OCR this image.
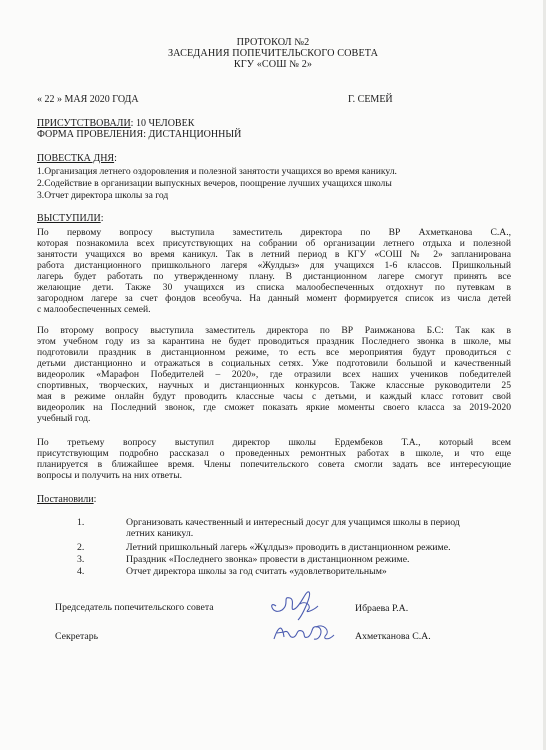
ПРОТОКОЛ №2
ЗАСЕДАНИЯ ПОПЕЧИТЕЛЬСКОГО СОВЕТА
КГУ «СОШ № 2»
« 22 » МАЯ 2020 ГОДА	Г. СЕМЕЙ
ПРИСУТСТВОВАЛИ: 10 ЧЕЛОВЕК
ФОРМА ПРОВЕЛЕНИЯ: ДИСТАНЦИОННЫЙ
ПОВЕСТКА ДНЯ:
1.Организация летнего оздоровления и полезной занятости учащихся во время каникул.
2.Содействие в организации выпускных вечеров, поощрение лучших учащихся школы
3.Отчет директора школы за год
ВЫСТУПИЛИ:
По первому вопросу выступила заместитель директора по ВР Ахметканова С.А.,
которая познакомила всех присутствующих на собрании об организации летнего отдыха и полезной
занятости учащихся во время каникул. Так в летний период в КГУ «СОШ № 2» запланирована
работа дистанционного пришкольного лагеря «Жулдыз» для учащихся 1-6 классов. Пришкольный
лагерь будет работать по утвержденному плану. В дистанционном лагере смогут принять все
желающие дети. Также 30 учащихся из списка малообеспеченных отдохнут по путевкам в
загородном лагере за счет фондов всеобуча. На данный момент формируется список из числа детей
с малообеспеченных семей.
По второму вопросу выступила заместитель директора по ВР Раимжанова Б.С: Так как в
этом учебном году из за карантина не будет проводиться праздник Последнего звонка в школе, мы
подготовили праздник в дистанционном режиме, то есть все мероприятия будут проводиться с
детьми дистанционно и отражаться в социальных сетях. Уже подготовили большой и качественный
видеоролик «Марафон Победителей – 2020», где отразили всех наших учеников победителей
спортивных, творческих, научных и дистанционных конкурсов. Также классные руководители 25
мая в режиме онлайн будут проводить классные часы с детьми, и каждый класс готовит свой
видеоролик на Последний звонок, где сможет показать яркие моменты своего класса за 2019-2020
учебный год.
По третьему вопросу выступил директор школы Ердембеков Т.А., который всем
присутствующим подробно рассказал о проведенных ремонтных работах в школе, и что еще
планируется в ближайшее время. Члены попечительского совета смогли задать все интересующие
вопросы и получить на них ответы.
Постановили:
1.	Организовать качественный и интересный досуг для учащимся школы в период
летних каникул.
2.	Летний пришкольный лагерь «Жұлдыз» проводить в дистанционном режиме.
3.	Праздник «Последнего звонка» провести в дистанционном режиме.
4.	Отчет директора школы за год считать «удовлетворительным»
Председатель попечительского совета	Ибраева Р.А.
Секретарь	Ахметканова С.А.
